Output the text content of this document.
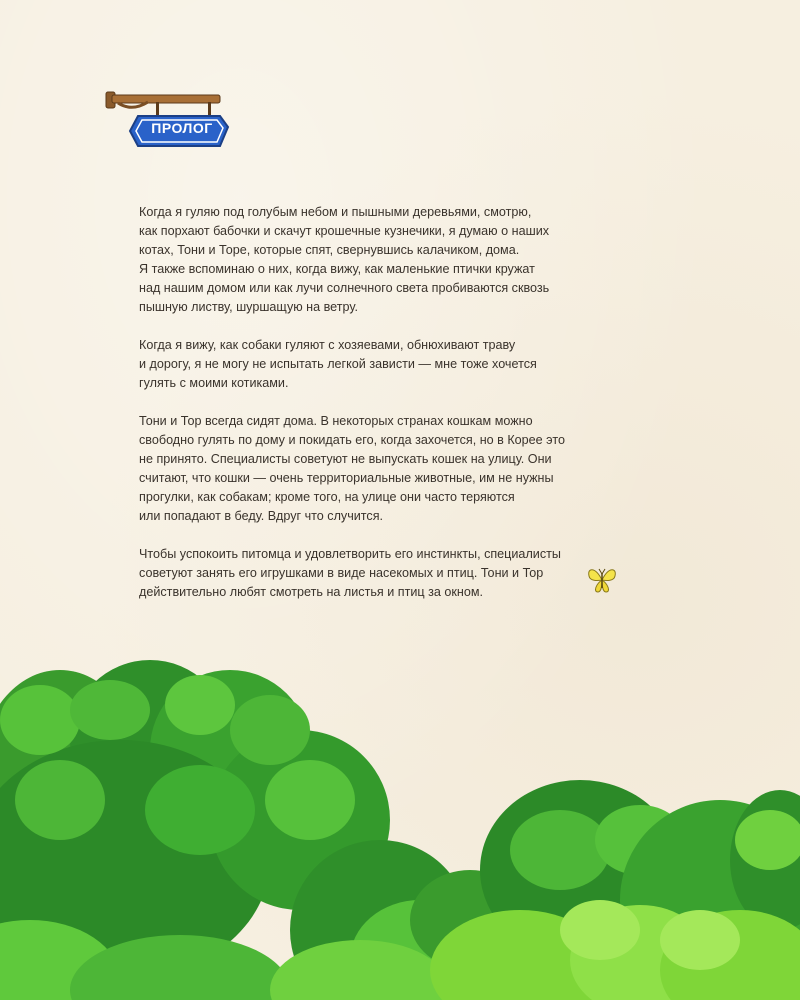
ПРОЛОГ
Когда я гуляю под голубым небом и пышными деревьями, смотрю,
как порхают бабочки и скачут крошечные кузнечики, я думаю о наших
котах, Тони и Торе, которые спят, свернувшись калачиком, дома.
Я также вспоминаю о них, когда вижу, как маленькие птички кружат
над нашим домом или как лучи солнечного света пробиваются сквозь
пышную листву, шуршащую на ветру.
Когда я вижу, как собаки гуляют с хозяевами, обнюхивают траву
и дорогу, я не могу не испытать легкой зависти — мне тоже хочется
гулять с моими котиками.
Тони и Тор всегда сидят дома. В некоторых странах кошкам можно
свободно гулять по дому и покидать его, когда захочется, но в Корее это
не принято. Специалисты советуют не выпускать кошек на улицу. Они
считают, что кошки — очень территориальные животные, им не нужны
прогулки, как собакам; кроме того, на улице они часто теряются
или попадают в беду. Вдруг что случится.
Чтобы успокоить питомца и удовлетворить его инстинкты, специалисты
советуют занять его игрушками в виде насекомых и птиц. Тони и Тор
действительно любят смотреть на листья и птиц за окном.
